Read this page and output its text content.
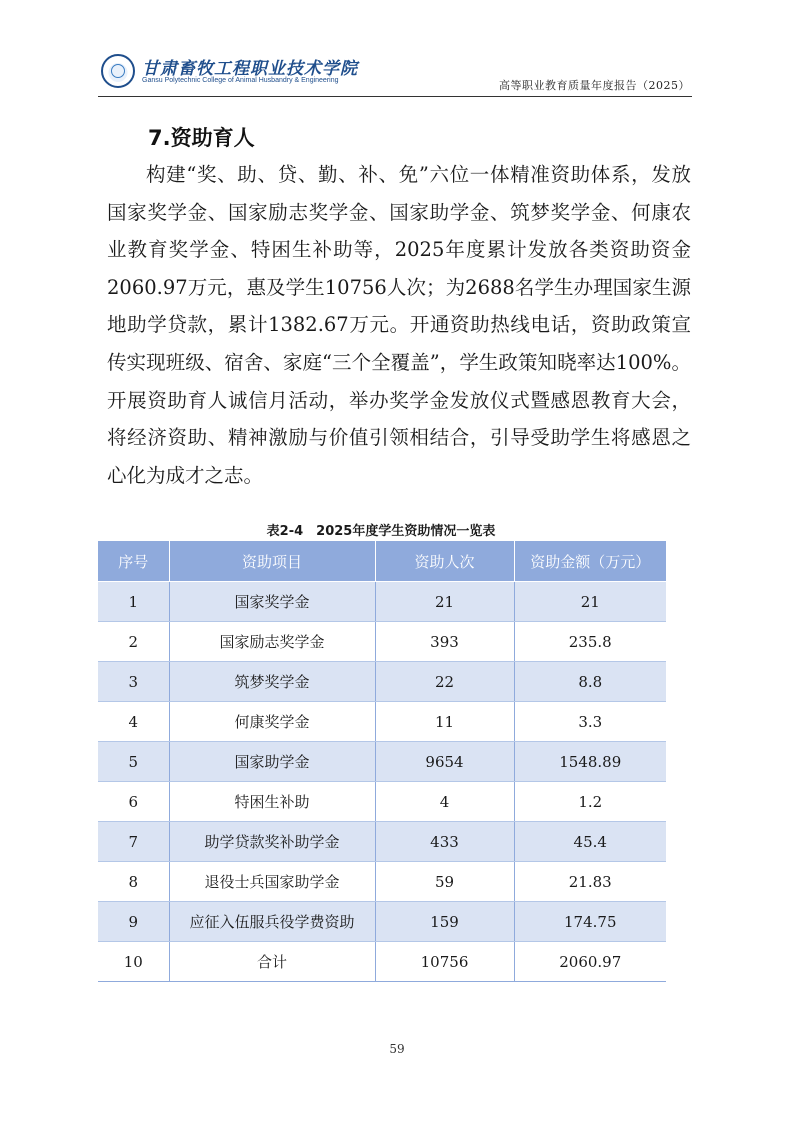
甘肃畜牧工程职业技术学院
Gansu Polytechnic College of Animal Husbandry & Engineering	高等职业教育质量年度报告（2025）
7.资助育人

构建“奖、助、贷、勤、补、免”六位一体精准资助体系，发放国家奖学金、国家励志奖学金、国家助学金、筑梦奖学金、何康农业教育奖学金、特困生补助等，2025年度累计发放各类资助资金2060.97万元，惠及学生10756人次；为2688名学生办理国家生源地助学贷款，累计1382.67万元。开通资助热线电话，资助政策宣传实现班级、宿舍、家庭“三个全覆盖”，学生政策知晓率达100%。开展资助育人诚信月活动，举办奖学金发放仪式暨感恩教育大会，将经济资助、精神激励与价值引领相结合，引导受助学生将感恩之心化为成才之志。

表2-4　2025年度学生资助情况一览表
序号	资助项目	资助人次	资助金额（万元）
1	国家奖学金	21	21
2	国家励志奖学金	393	235.8
3	筑梦奖学金	22	8.8
4	何康奖学金	11	3.3
5	国家助学金	9654	1548.89
6	特困生补助	4	1.2
7	助学贷款奖补助学金	433	45.4
8	退役士兵国家助学金	59	21.83
9	应征入伍服兵役学费资助	159	174.75
10	合计	10756	2060.97
59
